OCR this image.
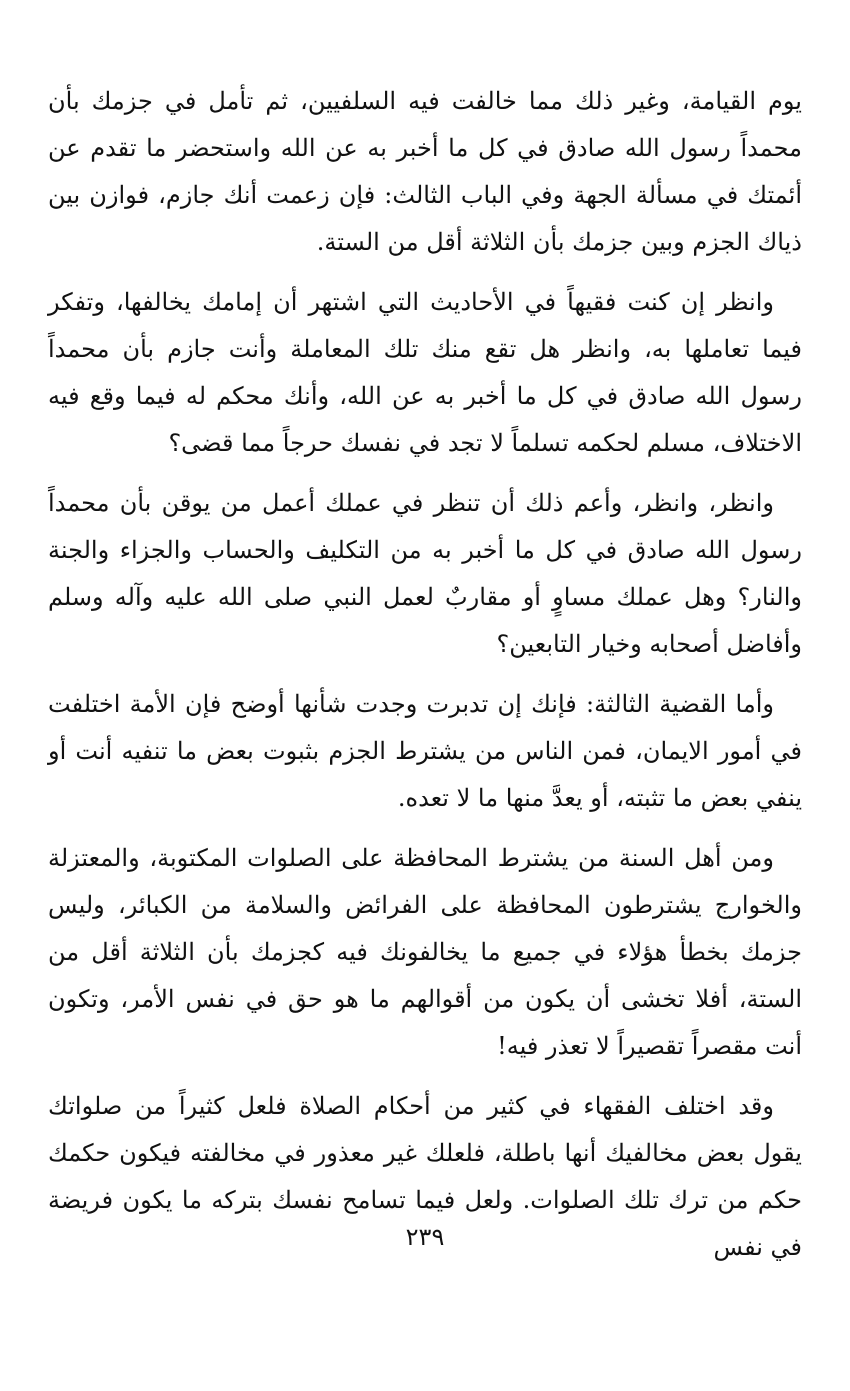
يوم القيامة، وغير ذلك مما خالفت فيه السلفيين، ثم تأمل في جزمك بأن محمداً رسول الله صادق في كل ما أخبر به عن الله واستحضر ما تقدم عن أئمتك في مسألة الجهة وفي الباب الثالث: فإن زعمت أنك جازم، فوازن بين ذياك الجزم وبين جزمك بأن الثلاثة أقل من الستة.

وانظر إن كنت فقيهاً في الأحاديث التي اشتهر أن إمامك يخالفها، وتفكر فيما تعاملها به، وانظر هل تقع منك تلك المعاملة وأنت جازم بأن محمداً رسول الله صادق في كل ما أخبر به عن الله، وأنك محكم له فيما وقع فيه الاختلاف، مسلم لحكمه تسلماً لا تجد في نفسك حرجاً مما قضى؟

وانظر، وانظر، وأعم ذلك أن تنظر في عملك أعمل من يوقن بأن محمداً رسول الله صادق في كل ما أخبر به من التكليف والحساب والجزاء والجنة والنار؟ وهل عملك مساوٍ أو مقاربٌ لعمل النبي صلى الله عليه وآله وسلم وأفاضل أصحابه وخيار التابعين؟

وأما القضية الثالثة: فإنك إن تدبرت وجدت شأنها أوضح فإن الأمة اختلفت في أمور الايمان، فمن الناس من يشترط الجزم بثبوت بعض ما تنفيه أنت أو ينفي بعض ما تثبته، أو يعدَّ منها ما لا تعده.

ومن أهل السنة من يشترط المحافظة على الصلوات المكتوبة، والمعتزلة والخوارج يشترطون المحافظة على الفرائض والسلامة من الكبائر، وليس جزمك بخطأ هؤلاء في جميع ما يخالفونك فيه كجزمك بأن الثلاثة أقل من الستة، أفلا تخشى أن يكون من أقوالهم ما هو حق في نفس الأمر، وتكون أنت مقصراً تقصيراً لا تعذر فيه!

وقد اختلف الفقهاء في كثير من أحكام الصلاة فلعل كثيراً من صلواتك يقول بعض مخالفيك أنها باطلة، فلعلك غير معذور في مخالفته فيكون حكمك حكم من ترك تلك الصلوات. ولعل فيما تسامح نفسك بتركه ما يكون فريضة في نفس

٢٣٩
